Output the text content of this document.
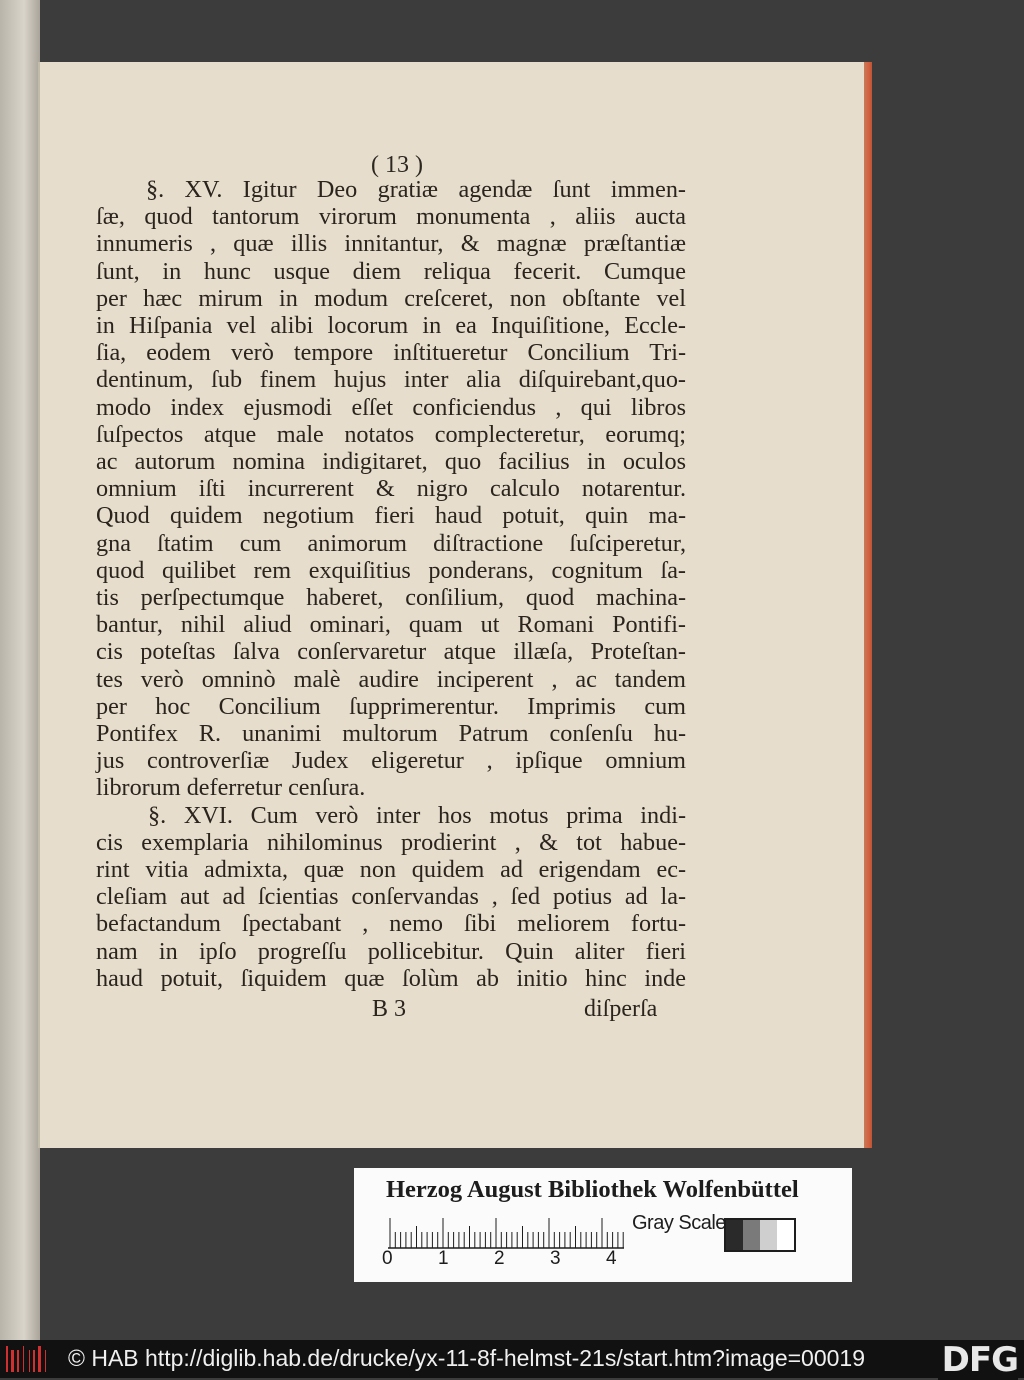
( 13 )
§. XV. Igitur Deo gratiæ agendæ ſunt immen-
ſæ, quod tantorum virorum monumenta , aliis aucta
innumeris , quæ illis innitantur, & magnæ præſtantiæ
ſunt, in hunc usque diem reliqua fecerit. Cumque
per hæc mirum in modum creſceret, non obſtante vel
in Hiſpania vel alibi locorum in ea Inquiſitione, Eccle-
ſia, eodem verò tempore inſtitueretur Concilium Tri-
dentinum, ſub finem hujus inter alia diſquirebant,quo-
modo index ejusmodi eſſet conficiendus , qui libros
ſuſpectos atque male notatos complecteretur, eorumq;
ac autorum nomina indigitaret, quo facilius in oculos
omnium iſti incurrerent & nigro calculo notarentur.
Quod quidem negotium fieri haud potuit, quin ma-
gna ſtatim cum animorum diſtractione ſuſciperetur,
quod quilibet rem exquiſitius ponderans, cognitum ſa-
tis perſpectumque haberet, conſilium, quod machina-
bantur, nihil aliud ominari, quam ut Romani Pontifi-
cis poteſtas ſalva conſervaretur atque illæſa, Proteſtan-
tes verò omninò malè audire inciperent , ac tandem
per hoc Concilium ſupprimerentur. Imprimis cum
Pontifex R. unanimi multorum Patrum conſenſu hu-
jus controverſiæ Judex eligeretur , ipſique omnium
librorum deferretur cenſura.
§. XVI. Cum verò inter hos motus prima indi-
cis exemplaria nihilominus prodierint , & tot habue-
rint vitia admixta, quæ non quidem ad erigendam ec-
cleſiam aut ad ſcientias conſervandas , ſed potius ad la-
befactandum ſpectabant , nemo ſibi meliorem fortu-
nam in ipſo progreſſu pollicebitur. Quin aliter fieri
haud potuit, ſiquidem quæ ſolùm ab initio hinc inde
B 3	diſperſa
Herzog August Bibliothek Wolfenbüttel
0 1 2 3 4
Gray Scale
© HAB http://diglib.hab.de/drucke/yx-11-8f-helmst-21s/start.htm?image=00019 DFG
